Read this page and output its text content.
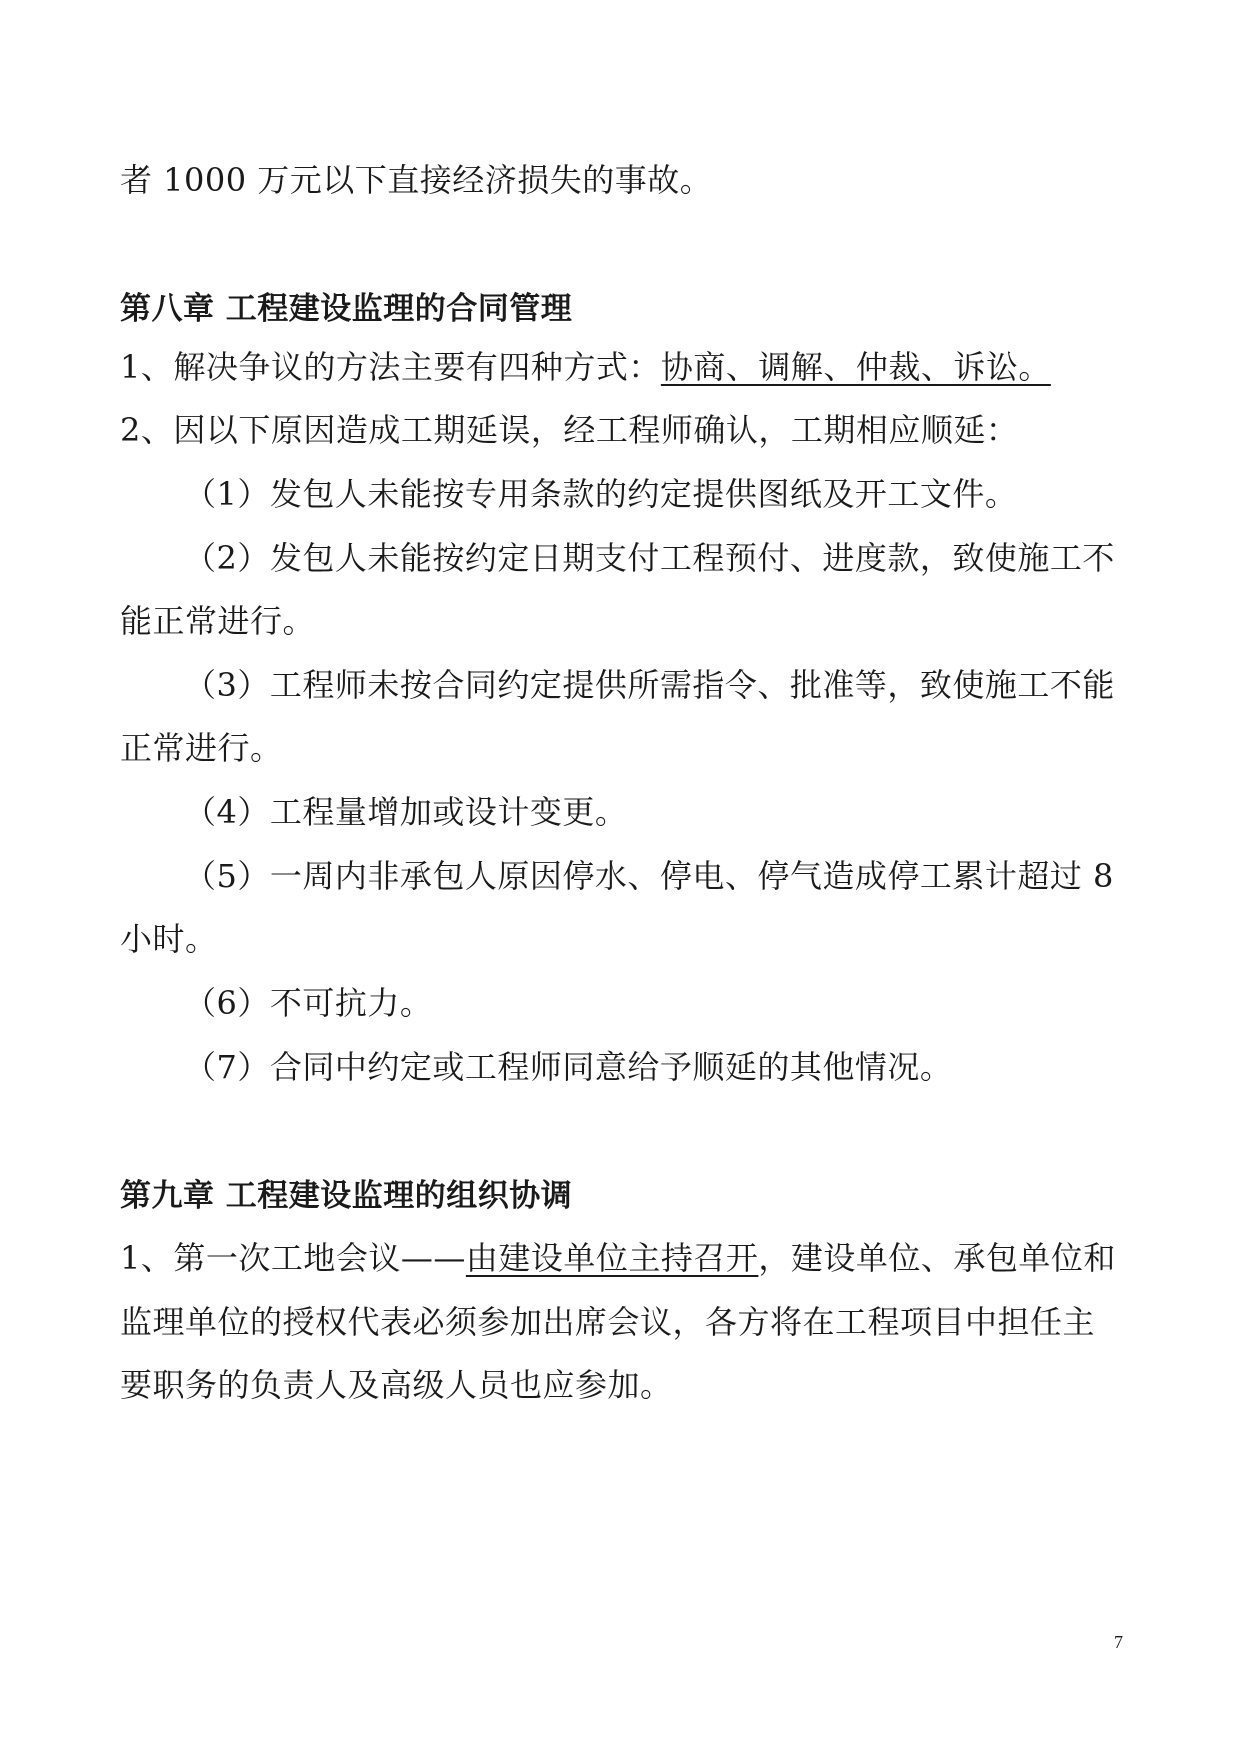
者 1000 万元以下直接经济损失的事故。
第八章 工程建设监理的合同管理
1、解决争议的方法主要有四种方式：协商、调解、仲裁、诉讼。
2、因以下原因造成工期延误，经工程师确认，工期相应顺延：
（1）发包人未能按专用条款的约定提供图纸及开工文件。
（2）发包人未能按约定日期支付工程预付、进度款，致使施工不
能正常进行。
（3）工程师未按合同约定提供所需指令、批准等，致使施工不能
正常进行。
（4）工程量增加或设计变更。
（5）一周内非承包人原因停水、停电、停气造成停工累计超过 8
小时。
（6）不可抗力。
（7）合同中约定或工程师同意给予顺延的其他情况。
第九章 工程建设监理的组织协调
1、第一次工地会议——由建设单位主持召开，建设单位、承包单位和
监理单位的授权代表必须参加出席会议，各方将在工程项目中担任主
要职务的负责人及高级人员也应参加。
7
